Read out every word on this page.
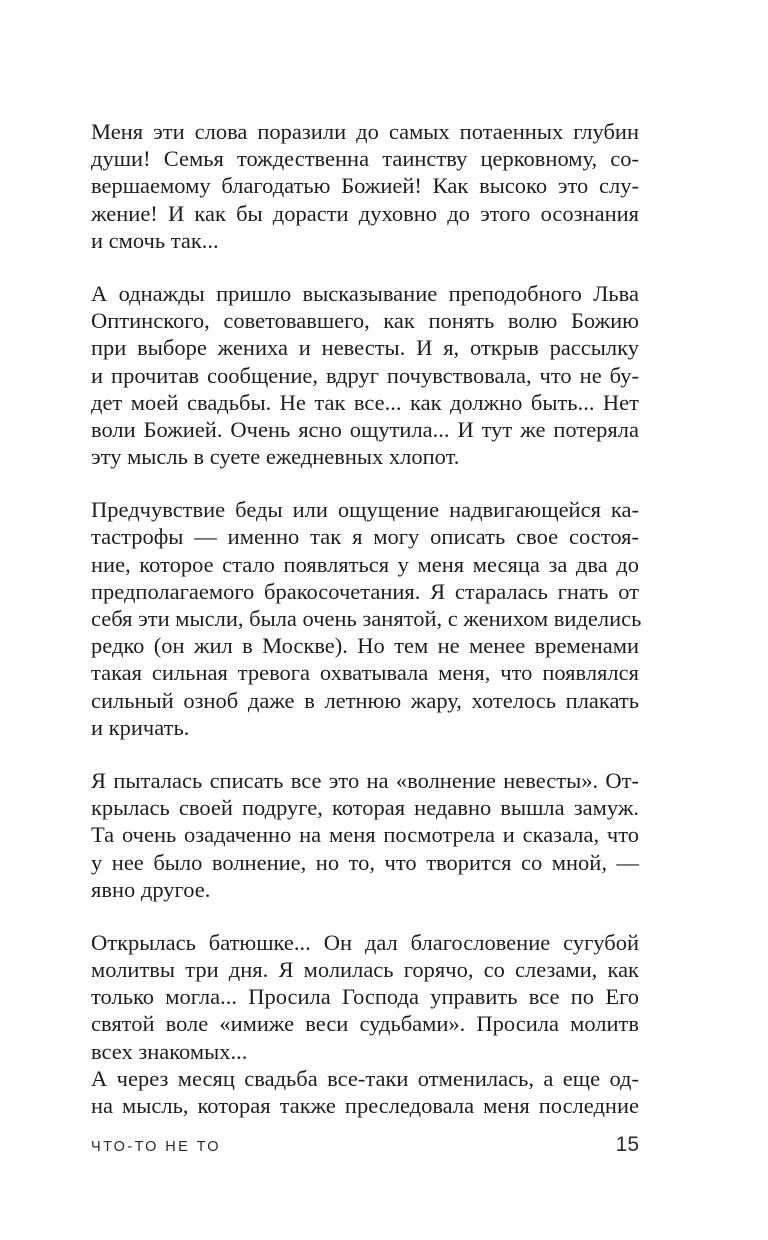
Меня эти слова поразили до самых потаенных глубин
души! Семья тождественна таинству церковному, со-
вершаемому благодатью Божией! Как высоко это слу-
жение! И как бы дорасти духовно до этого осознания
и смочь так...
А однажды пришло высказывание преподобного Льва
Оптинского, советовавшего, как понять волю Божию
при выборе жениха и невесты. И я, открыв рассылку
и прочитав сообщение, вдруг почувствовала, что не бу-
дет моей свадьбы. Не так все... как должно быть... Нет
воли Божией. Очень ясно ощутила... И тут же потеряла
эту мысль в суете ежедневных хлопот.
Предчувствие беды или ощущение надвигающейся ка-
тастрофы — именно так я могу описать свое состоя-
ние, которое стало появляться у меня месяца за два до
предполагаемого бракосочетания. Я старалась гнать от
себя эти мысли, была очень занятой, с женихом виделись
редко (он жил в Москве). Но тем не менее временами
такая сильная тревога охватывала меня, что появлялся
сильный озноб даже в летнюю жару, хотелось плакать
и кричать.
Я пыталась списать все это на «волнение невесты». От-
крылась своей подруге, которая недавно вышла замуж.
Та очень озадаченно на меня посмотрела и сказала, что
у нее было волнение, но то, что творится со мной, —
явно другое.
Открылась батюшке... Он дал благословение сугубой
молитвы три дня. Я молилась горячо, со слезами, как
только могла... Просила Господа управить все по Его
святой воле «имиже веси судьбами». Просила молитв
всех знакомых...
А через месяц свадьба все-таки отменилась, а еще од-
на мысль, которая также преследовала меня последние
ЧТО-ТО НЕ ТО	15
